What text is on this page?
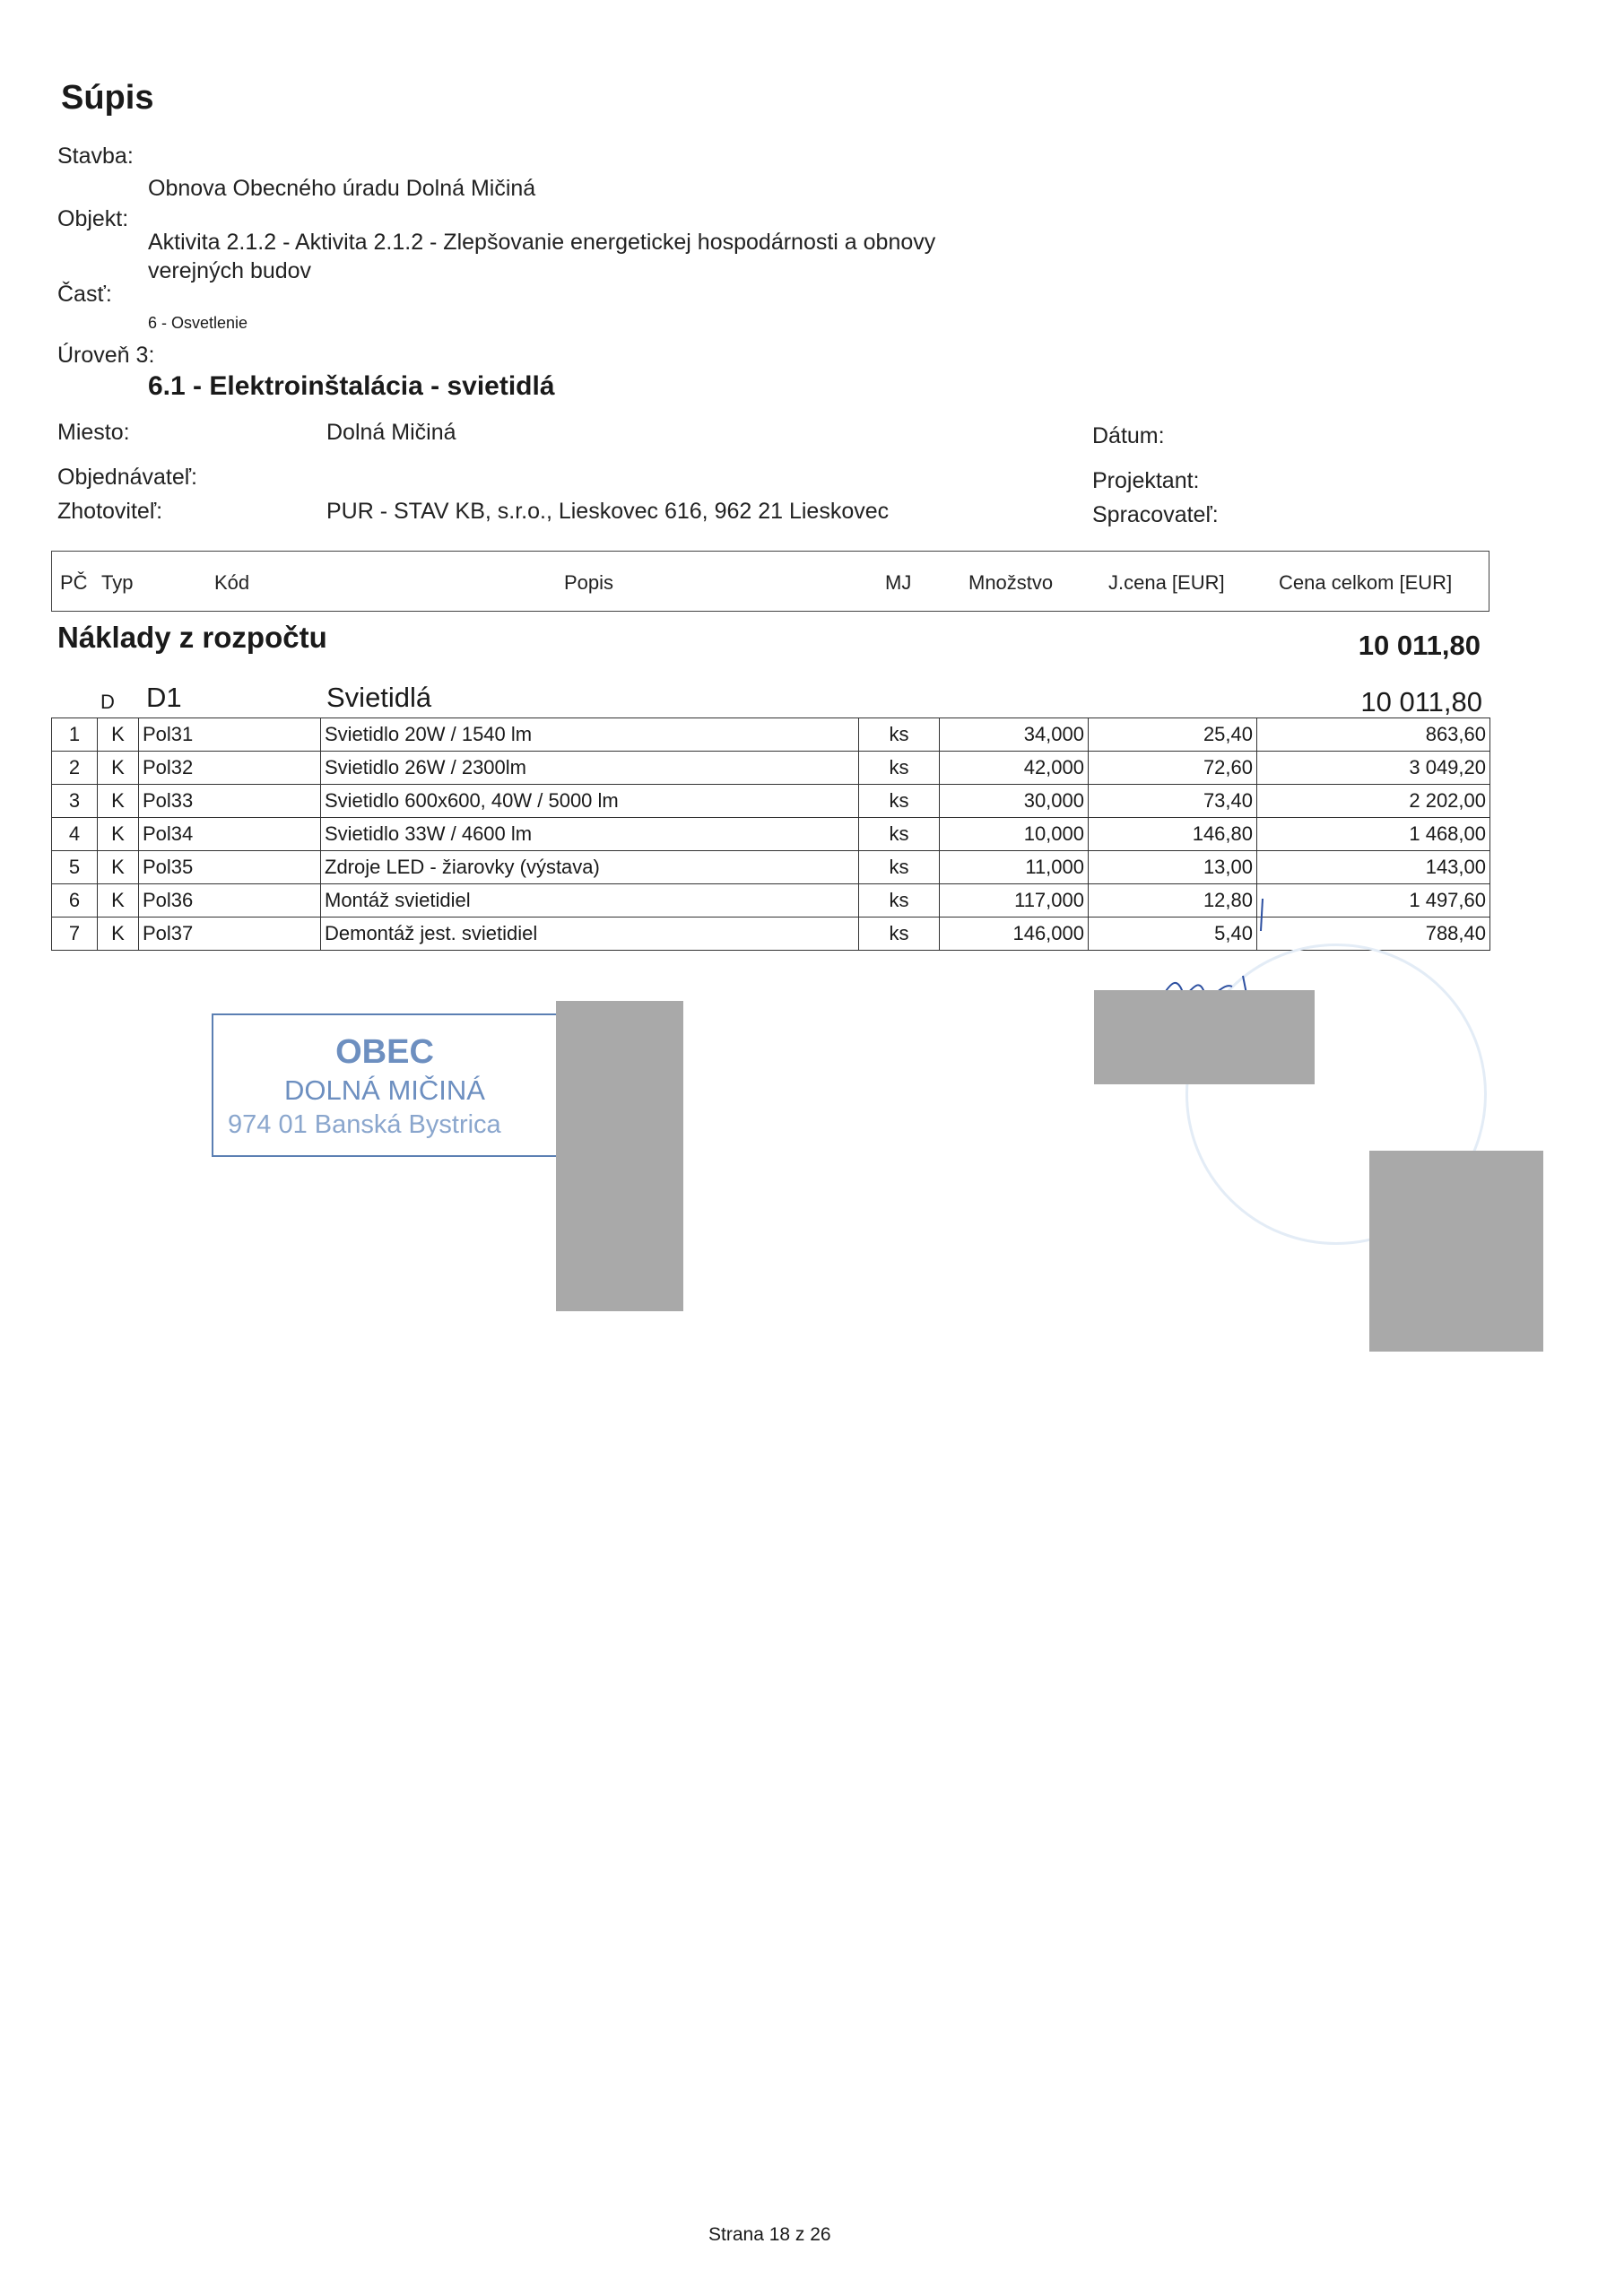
Súpis
Stavba:
Obnova Obecného úradu Dolná Mičiná
Objekt:
Aktivita 2.1.2 - Aktivita 2.1.2 - Zlepšovanie energetickej hospodárnosti a obnovy
verejných budov
Časť:
6 - Osvetlenie
Úroveň 3:
6.1 - Elektroinštalácia - svietidlá
Miesto:	Dolná Mičiná	Dátum:
Objednávateľ:	Projektant:
Zhotoviteľ:	PUR - STAV KB, s.r.o., Lieskovec 616, 962 21 Lieskovec	Spracovateľ:
PČ Typ	Kód	Popis	MJ	Množstvo	J.cena [EUR]	Cena celkom [EUR]
Náklady z rozpočtu	10 011,80
D D1	Svietidlá	10 011,80
1	K	Pol31	Svietidlo 20W / 1540 lm	ks	34,000	25,40	863,60
2	K	Pol32	Svietidlo 26W / 2300lm	ks	42,000	72,60	3 049,20
3	K	Pol33	Svietidlo 600x600, 40W / 5000 lm	ks	30,000	73,40	2 202,00
4	K	Pol34	Svietidlo 33W / 4600 lm	ks	10,000	146,80	1 468,00
5	K	Pol35	Zdroje LED - žiarovky (výstava)	ks	11,000	13,00	143,00
6	K	Pol36	Montáž svietidiel	ks	117,000	12,80	1 497,60
7	K	Pol37	Demontáž jest. svietidiel	ks	146,000	5,40	788,40
OBEC
DOLNÁ MIČINÁ
974 01 Banská Bystrica
Strana 18 z 26
